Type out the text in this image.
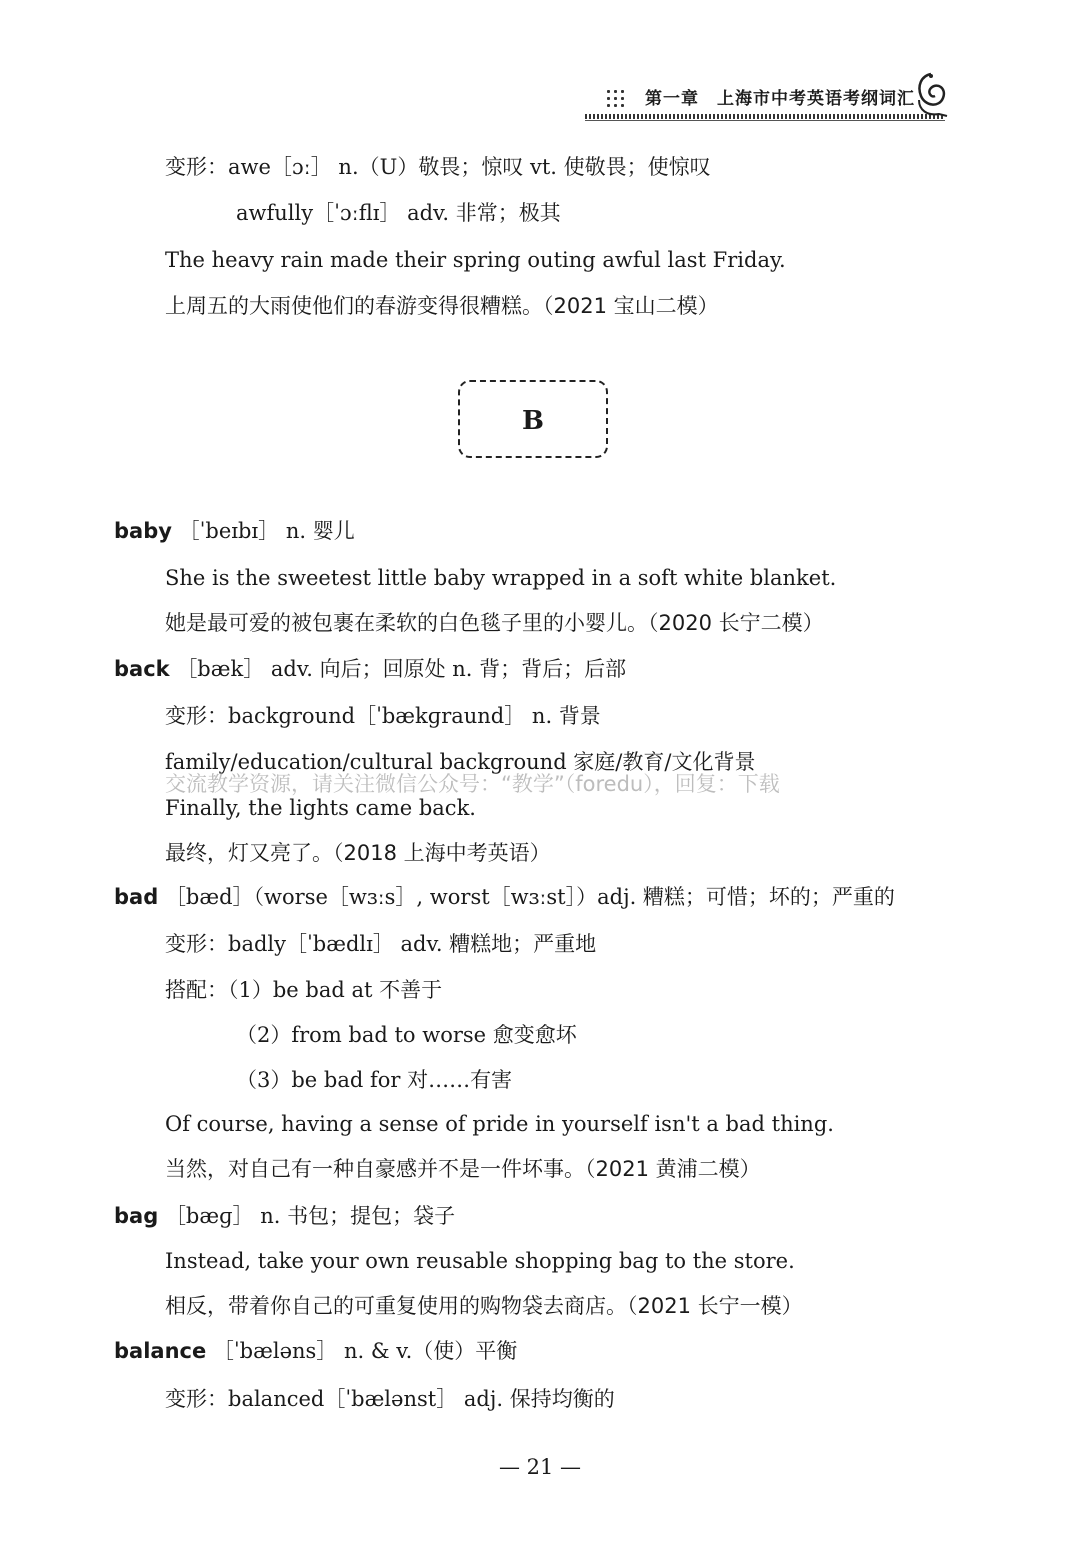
第一章　上海市中考英语考纲词汇
变形：awe［ɔː］ n.（U）敬畏；惊叹 vt. 使敬畏；使惊叹
awfully［ˈɔːflɪ］ adv. 非常；极其
The heavy rain made their spring outing awful last Friday.
上周五的大雨使他们的春游变得很糟糕。（2021 宝山二模）
B
baby ［ˈbeɪbɪ］ n. 婴儿
She is the sweetest little baby wrapped in a soft white blanket.
她是最可爱的被包裹在柔软的白色毯子里的小婴儿。（2020 长宁二模）
back ［bæk］ adv. 向后；回原处 n. 背；背后；后部
变形：background［ˈbækɡraund］ n. 背景
family/education/cultural background 家庭/教育/文化背景
交流教学资源，请关注微信公众号：“教学”（foredu），回复：下载
Finally, the lights came back.
最终，灯又亮了。（2018 上海中考英语）
bad ［bæd］（worse［wɜːs］, worst［wɜːst］）adj. 糟糕；可惜；坏的；严重的
变形：badly［ˈbædlɪ］ adv. 糟糕地；严重地
搭配：（1）be bad at 不善于
（2）from bad to worse 愈变愈坏
（3）be bad for 对……有害
Of course, having a sense of pride in yourself isn't a bad thing.
当然，对自己有一种自豪感并不是一件坏事。（2021 黄浦二模）
bag ［bæɡ］ n. 书包；提包；袋子
Instead, take your own reusable shopping bag to the store.
相反，带着你自己的可重复使用的购物袋去商店。（2021 长宁一模）
balance ［ˈbæləns］ n. & v.（使）平衡
变形：balanced［ˈbælənst］ adj. 保持均衡的
— 21 —
